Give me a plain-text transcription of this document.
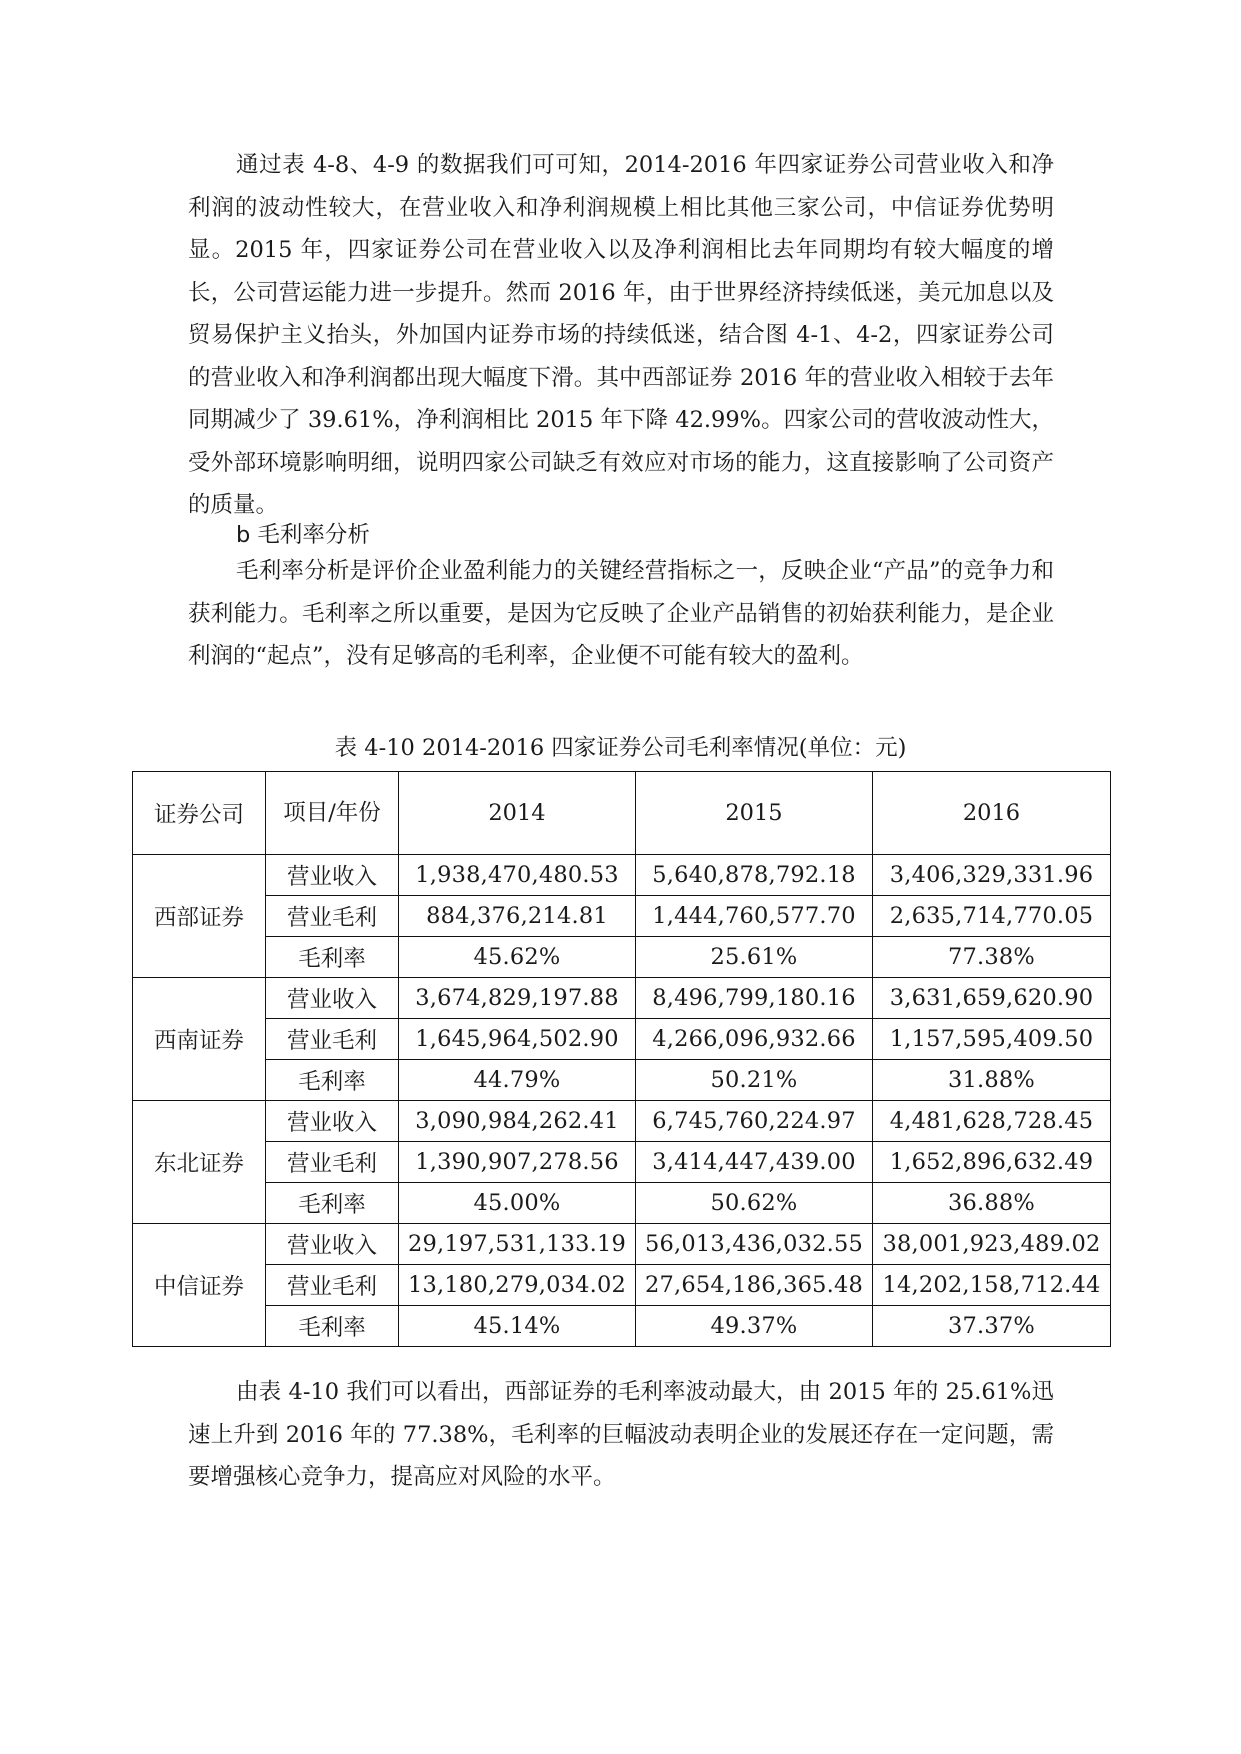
通过表 4-8、4-9 的数据我们可可知，2014-2016 年四家证券公司营业收入和净利润的波动性较大，在营业收入和净利润规模上相比其他三家公司，中信证券优势明显。2015 年，四家证券公司在营业收入以及净利润相比去年同期均有较大幅度的增长，公司营运能力进一步提升。然而 2016 年，由于世界经济持续低迷，美元加息以及贸易保护主义抬头，外加国内证券市场的持续低迷，结合图 4-1、4-2，四家证券公司的营业收入和净利润都出现大幅度下滑。其中西部证券 2016 年的营业收入相较于去年同期减少了 39.61%，净利润相比 2015 年下降 42.99%。四家公司的营收波动性大，受外部环境影响明细，说明四家公司缺乏有效应对市场的能力，这直接影响了公司资产的质量。

b 毛利率分析

毛利率分析是评价企业盈利能力的关键经营指标之一，反映企业“产品”的竞争力和获利能力。毛利率之所以重要，是因为它反映了企业产品销售的初始获利能力，是企业利润的“起点”，没有足够高的毛利率，企业便不可能有较大的盈利。

表 4-10 2014-2016 四家证券公司毛利率情况(单位：元)
证券公司	项目/年份	2014	2015	2016
西部证券	营业收入	1,938,470,480.53	5,640,878,792.18	3,406,329,331.96
	营业毛利	884,376,214.81	1,444,760,577.70	2,635,714,770.05
	毛利率	45.62%	25.61%	77.38%
西南证券	营业收入	3,674,829,197.88	8,496,799,180.16	3,631,659,620.90
	营业毛利	1,645,964,502.90	4,266,096,932.66	1,157,595,409.50
	毛利率	44.79%	50.21%	31.88%
东北证券	营业收入	3,090,984,262.41	6,745,760,224.97	4,481,628,728.45
	营业毛利	1,390,907,278.56	3,414,447,439.00	1,652,896,632.49
	毛利率	45.00%	50.62%	36.88%
中信证券	营业收入	29,197,531,133.19	56,013,436,032.55	38,001,923,489.02
	营业毛利	13,180,279,034.02	27,654,186,365.48	14,202,158,712.44
	毛利率	45.14%	49.37%	37.37%

由表 4-10 我们可以看出，西部证券的毛利率波动最大，由 2015 年的 25.61%迅速上升到 2016 年的 77.38%，毛利率的巨幅波动表明企业的发展还存在一定问题，需要增强核心竞争力，提高应对风险的水平。
